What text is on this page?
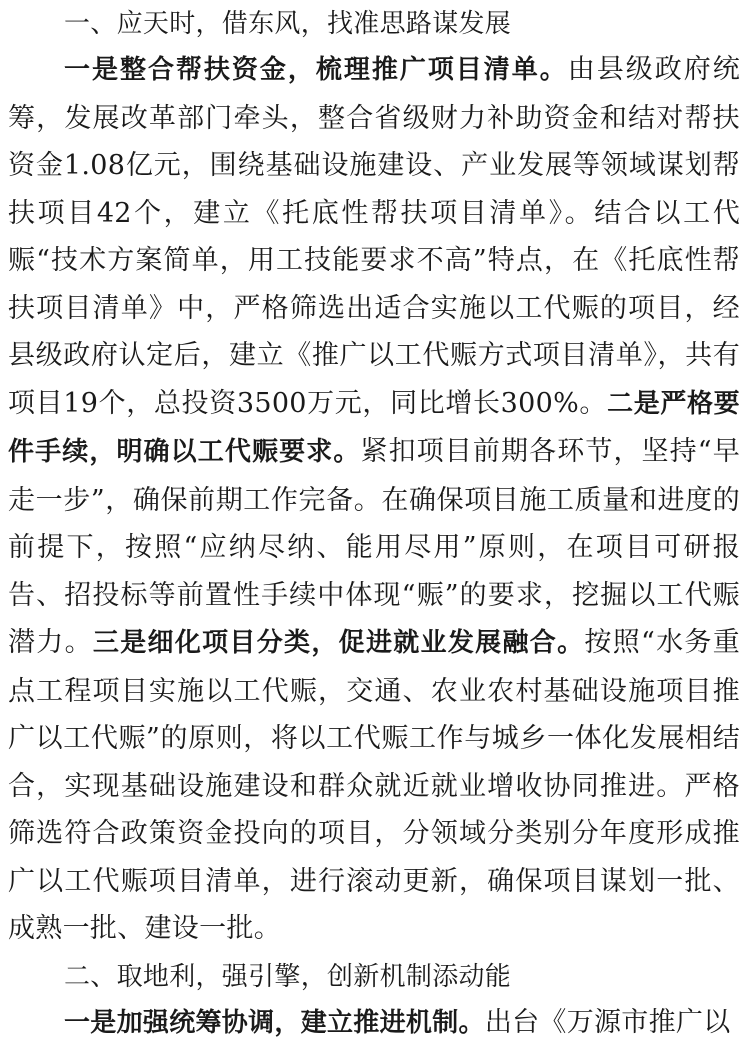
一、应天时，借东风，找准思路谋发展

一是整合帮扶资金，梳理推广项目清单。由县级政府统筹，发展改革部门牵头，整合省级财力补助资金和结对帮扶资金1.08亿元，围绕基础设施建设、产业发展等领域谋划帮扶项目42个，建立《托底性帮扶项目清单》。结合以工代赈“技术方案简单，用工技能要求不高”特点，在《托底性帮扶项目清单》中，严格筛选出适合实施以工代赈的项目，经县级政府认定后，建立《推广以工代赈方式项目清单》，共有项目19个，总投资3500万元，同比增长300%。二是严格要件手续，明确以工代赈要求。紧扣项目前期各环节，坚持“早走一步”，确保前期工作完备。在确保项目施工质量和进度的前提下，按照“应纳尽纳、能用尽用”原则，在项目可研报告、招投标等前置性手续中体现“赈”的要求，挖掘以工代赈潜力。三是细化项目分类，促进就业发展融合。按照“水务重点工程项目实施以工代赈，交通、农业农村基础设施项目推广以工代赈”的原则，将以工代赈工作与城乡一体化发展相结合，实现基础设施建设和群众就近就业增收协同推进。严格筛选符合政策资金投向的项目，分领域分类别分年度形成推广以工代赈项目清单，进行滚动更新，确保项目谋划一批、成熟一批、建设一批。

二、取地利，强引擎，创新机制添动能

一是加强统筹协调，建立推进机制。出台《万源市推广以
